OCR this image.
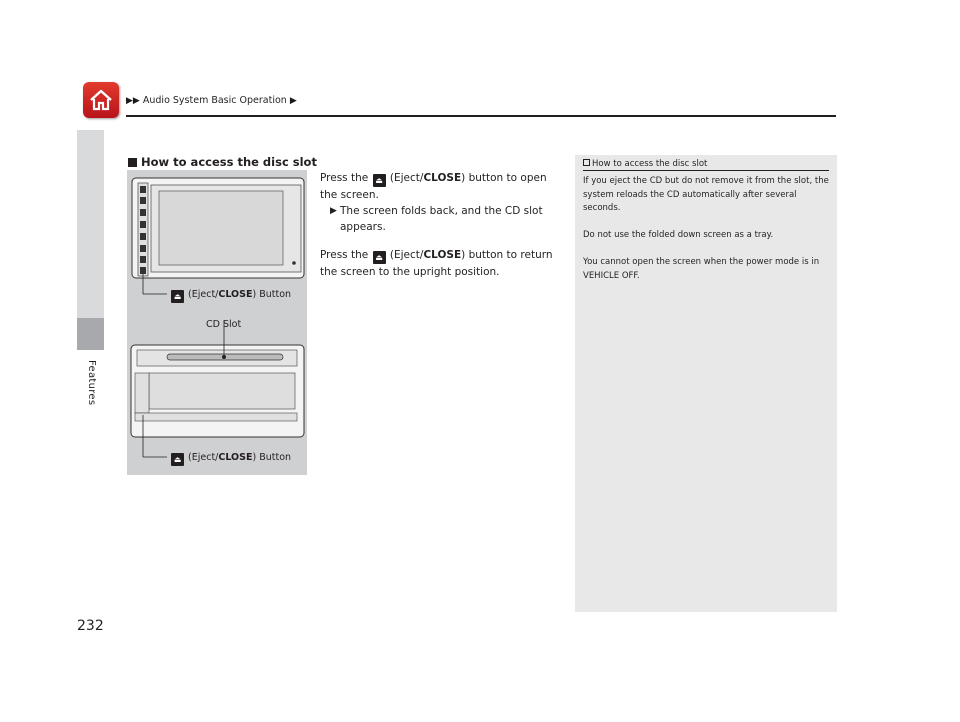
▶▶ Audio System Basic Operation ▶
Features
232
How to access the disc slot
⏏ (Eject/CLOSE) Button
CD Slot
⏏ (Eject/CLOSE) Button
Press the ⏏ (Eject/CLOSE) button to open the screen.
▶ The screen folds back, and the CD slot appears.
Press the ⏏ (Eject/CLOSE) button to return the screen to the upright position.
How to access the disc slot

If you eject the CD but do not remove it from the slot, the system reloads the CD automatically after several seconds.

Do not use the folded down screen as a tray.

You cannot open the screen when the power mode is in VEHICLE OFF.
